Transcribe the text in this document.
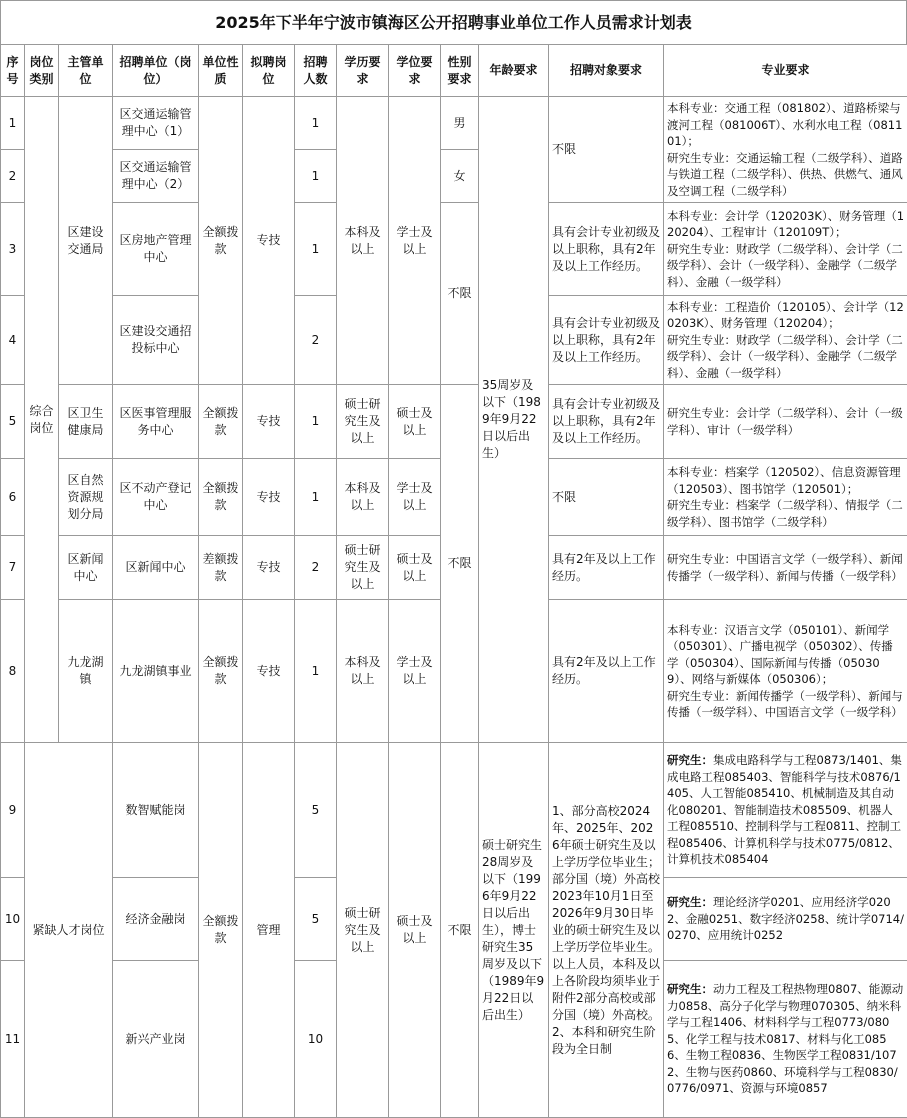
2025年下半年宁波市镇海区公开招聘事业单位工作人员需求计划表
序号	岗位类别	主管单位	招聘单位（岗位）	单位性质	拟聘岗位	招聘人数	学历要求	学位要求	性别要求	年龄要求	招聘对象要求	专业要求
1	综合岗位	区建设交通局	区交通运输管理中心（1）	全额拨款	专技	1	本科及以上	学士及以上	男	35周岁及以下（1989年9月22日以后出生）	不限	本科专业：交通工程（081802）、道路桥梁与渡河工程（081006T）、水利水电工程（081101）；
研究生专业：交通运输工程（二级学科）、道路与铁道工程（二级学科）、供热、供燃气、通风及空调工程（二级学科）
2			区交通运输管理中心（2）			1			女			
3			区房地产管理中心			1			不限		具有会计专业初级及以上职称，具有2年及以上工作经历。	本科专业：会计学（120203K）、财务管理（120204）、工程审计（120109T）；
研究生专业：财政学（二级学科）、会计学（二级学科）、会计（一级学科）、金融学（二级学科）、金融（一级学科）
4			区建设交通招投标中心			2					具有会计专业初级及以上职称，具有2年及以上工作经历。	本科专业：工程造价（120105）、会计学（120203K）、财务管理（120204）；
研究生专业：财政学（二级学科）、会计学（二级学科）、会计（一级学科）、金融学（二级学科）、金融（一级学科）
5		区卫生健康局	区医事管理服务中心	全额拨款	专技	1	硕士研究生及以上	硕士及以上	不限		具有会计专业初级及以上职称，具有2年及以上工作经历。	研究生专业：会计学（二级学科）、会计（一级学科）、审计（一级学科）
6		区自然资源规划分局	区不动产登记中心	全额拨款	专技	1	本科及以上	学士及以上			不限	本科专业：档案学（120502）、信息资源管理（120503）、图书馆学（120501）；
研究生专业：档案学（二级学科）、情报学（二级学科）、图书馆学（二级学科）
7		区新闻中心	区新闻中心	差额拨款	专技	2	硕士研究生及以上	硕士及以上			具有2年及以上工作经历。	研究生专业：中国语言文学（一级学科）、新闻传播学（一级学科）、新闻与传播（一级学科）
8		九龙湖镇	九龙湖镇事业	全额拨款	专技	1	本科及以上	学士及以上			具有2年及以上工作经历。	本科专业：汉语言文学（050101）、新闻学（050301）、广播电视学（050302）、传播学（050304）、国际新闻与传播（050309）、网络与新媒体（050306）；
研究生专业：新闻传播学（一级学科）、新闻与传播（一级学科）、中国语言文学（一级学科）
9	紧缺人才岗位		数智赋能岗	全额拨款	管理	5	硕士研究生及以上	硕士及以上	不限	硕士研究生28周岁及以下（1996年9月22日以后出生），博士研究生35周岁及以下（1989年9月22日以后出生）	1、部分高校2024年、2025年、2026年硕士研究生及以上学历学位毕业生；部分国（境）外高校2023年10月1日至2026年9月30日毕业的硕士研究生及以上学历学位毕业生。以上人员，本科及以上各阶段均须毕业于附件2部分高校或部分国（境）外高校。
2、本科和研究生阶段为全日制	研究生：集成电路科学与工程0873/1401、集成电路工程085403、智能科学与技术0876/1405、人工智能085410、机械制造及其自动化080201、智能制造技术085509、机器人工程085510、控制科学与工程0811、控制工程085406、计算机科学与技术0775/0812、计算机技术085404
10			经济金融岗			5						研究生：理论经济学0201、应用经济学0202、金融0251、数字经济0258、统计学0714/0270、应用统计0252
11			新兴产业岗			10						研究生：动力工程及工程热物理0807、能源动力0858、高分子化学与物理070305、纳米科学与工程1406、材料科学与工程0773/0805、化学工程与技术0817、材料与化工0856、生物工程0836、生物医学工程0831/1072、生物与医药0860、环境科学与工程0830/0776/0971、资源与环境0857
